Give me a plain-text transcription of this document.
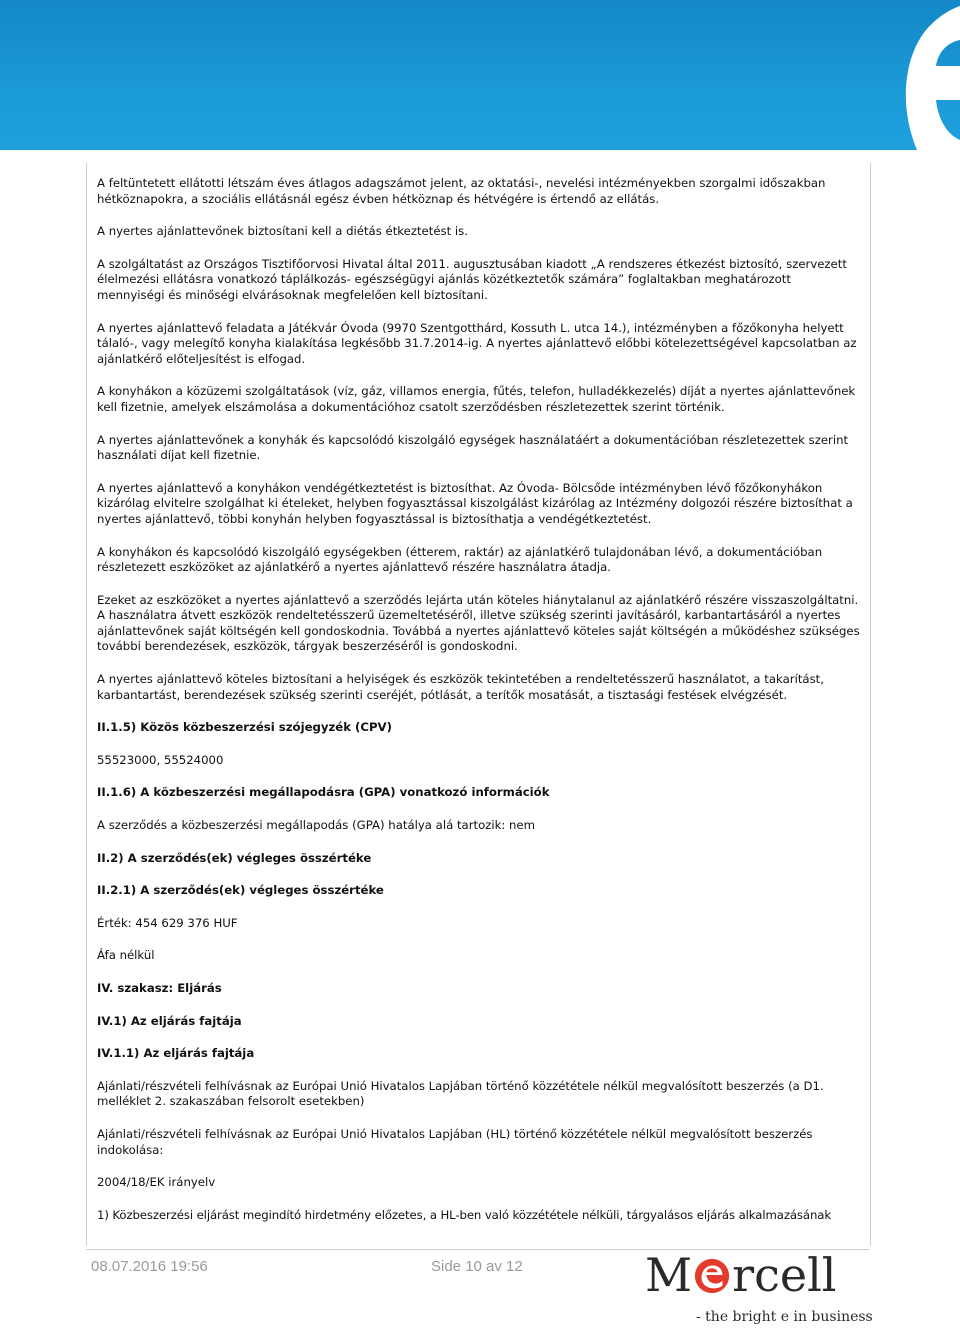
A feltüntetett ellátotti létszám éves átlagos adagszámot jelent, az oktatási-, nevelési intézményekben szorgalmi időszakban hétköznapokra, a szociális ellátásnál egész évben hétköznap és hétvégére is értendő az ellátás.

A nyertes ajánlattevőnek biztosítani kell a diétás étkeztetést is.

A szolgáltatást az Országos Tisztifőorvosi Hivatal által 2011. augusztusában kiadott „A rendszeres étkezést biztosító, szervezett élelmezési ellátásra vonatkozó táplálkozás- egészségügyi ajánlás közétkeztetők számára” foglaltakban meghatározott mennyiségi és minőségi elvárásoknak megfelelően kell biztosítani.

A nyertes ajánlattevő feladata a Játékvár Óvoda (9970 Szentgotthárd, Kossuth L. utca 14.), intézményben a főzőkonyha helyett tálaló-, vagy melegítő konyha kialakítása legkésőbb 31.7.2014-ig. A nyertes ajánlattevő előbbi kötelezettségével kapcsolatban az ajánlatkérő előteljesítést is elfogad.

A konyhákon a közüzemi szolgáltatások (víz, gáz, villamos energia, fűtés, telefon, hulladékkezelés) díját a nyertes ajánlattevőnek kell fizetnie, amelyek elszámolása a dokumentációhoz csatolt szerződésben részletezettek szerint történik.

A nyertes ajánlattevőnek a konyhák és kapcsolódó kiszolgáló egységek használatáért a dokumentációban részletezettek szerint használati díjat kell fizetnie.

A nyertes ajánlattevő a konyhákon vendégétkeztetést is biztosíthat. Az Óvoda- Bölcsőde intézményben lévő főzőkonyhákon kizárólag elvitelre szolgálhat ki ételeket, helyben fogyasztással kiszolgálást kizárólag az Intézmény dolgozói részére biztosíthat a nyertes ajánlattevő, többi konyhán helyben fogyasztással is biztosíthatja a vendégétkeztetést.

A konyhákon és kapcsolódó kiszolgáló egységekben (étterem, raktár) az ajánlatkérő tulajdonában lévő, a dokumentációban részletezett eszközöket az ajánlatkérő a nyertes ajánlattevő részére használatra átadja.

Ezeket az eszközöket a nyertes ajánlattevő a szerződés lejárta után köteles hiánytalanul az ajánlatkérő részére visszaszolgáltatni. A használatra átvett eszközök rendeltetésszerű üzemeltetéséről, illetve szükség szerinti javításáról, karbantartásáról a nyertes ajánlattevőnek saját költségén kell gondoskodnia. Továbbá a nyertes ajánlattevő köteles saját költségén a működéshez szükséges további berendezések, eszközök, tárgyak beszerzéséről is gondoskodni.

A nyertes ajánlattevő köteles biztosítani a helyiségek és eszközök tekintetében a rendeltetésszerű használatot, a takarítást, karbantartást, berendezések szükség szerinti cseréjét, pótlását, a terítők mosatását, a tisztasági festések elvégzését.

II.1.5) Közös közbeszerzési szójegyzék (CPV)

55523000, 55524000

II.1.6) A közbeszerzési megállapodásra (GPA) vonatkozó információk

A szerződés a közbeszerzési megállapodás (GPA) hatálya alá tartozik: nem

II.2) A szerződés(ek) végleges összértéke

II.2.1) A szerződés(ek) végleges összértéke

Érték: 454 629 376 HUF

Áfa nélkül

IV. szakasz: Eljárás

IV.1) Az eljárás fajtája

IV.1.1) Az eljárás fajtája

Ajánlati/részvételi felhívásnak az Európai Unió Hivatalos Lapjában történő közzététele nélkül megvalósított beszerzés (a D1. melléklet 2. szakaszában felsorolt esetekben)

Ajánlati/részvételi felhívásnak az Európai Unió Hivatalos Lapjában (HL) történő közzététele nélkül megvalósított beszerzés indokolása:

2004/18/EK irányelv

1) Közbeszerzési eljárást megindító hirdetmény előzetes, a HL-ben való közzététele nélküli, tárgyalásos eljárás alkalmazásának

08.07.2016 19:56	Side 10 av 12	M rcell
- the bright e in business
